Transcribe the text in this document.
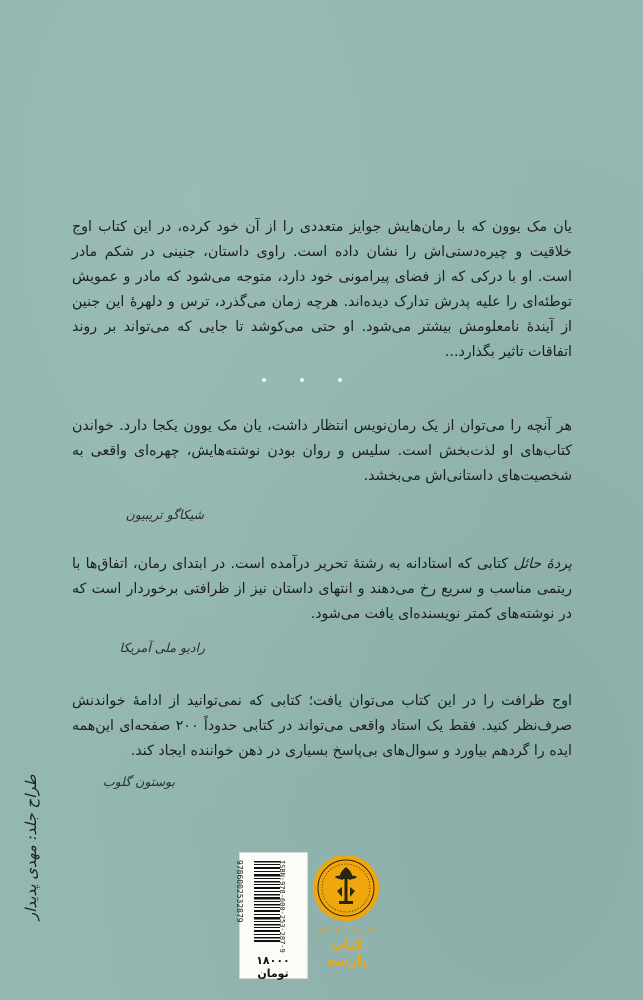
یان مک یوون که با رمان‌هایش جوایز متعددی را از آن خود کرده، در این کتاب اوج خلاقیت و چیره‌دستی‌اش را نشان داده است. راوی داستان، جنینی در شکم مادر است. او با درکی که از فضای پیرامونی خود دارد، متوجه می‌شود که مادر و عمویش توطئه‌ای را علیه پدرش تدارک دیده‌اند. هرچه زمان می‌گذرد، ترس و دلهرهٔ این جنین از آیندهٔ نامعلومش بیشتر می‌شود. او حتی می‌کوشد تا جایی که می‌تواند بر روند اتفاقات تاثیر بگذارد...
هر آنچه را می‌توان از یک رمان‌نویس انتظار داشت، یان مک یوون یکجا دارد. خواندن کتاب‌های او لذت‌بخش است. سلیس و روان بودن نوشته‌هایش، چهره‌ای واقعی به شخصیت‌های داستانی‌اش می‌بخشد.
شیکاگو تریبیون
پردهٔ حائل کتابی که استادانه به رشتهٔ تحریر درآمده است. در ابتدای رمان، اتفاق‌ها با ریتمی مناسب و سریع رخ می‌دهند و انتهای داستان نیز از ظرافتی برخوردار است که در نوشته‌های کمتر نویسنده‌ای یافت می‌شود.
رادیو ملی آمریکا
اوج ظرافت را در این کتاب می‌توان یافت؛ کتابی که نمی‌توانید از ادامهٔ خواندنش صرف‌نظر کنید. فقط یک استاد واقعی می‌تواند در کتابی حدوداً ۲۰۰ صفحه‌ای این‌همه ایده را گردهم بیاورد و سوال‌های بی‌پاسخ بسیاری در ذهن خواننده ایجاد کند.
بوستون گلوب
طراح جلد: مهدی پدیدار	ISBN:978-600-253-287-9
9786002532879
۱۸۰۰۰ تومان
نشر ترجمه و تألیف
کتاب پارسه
